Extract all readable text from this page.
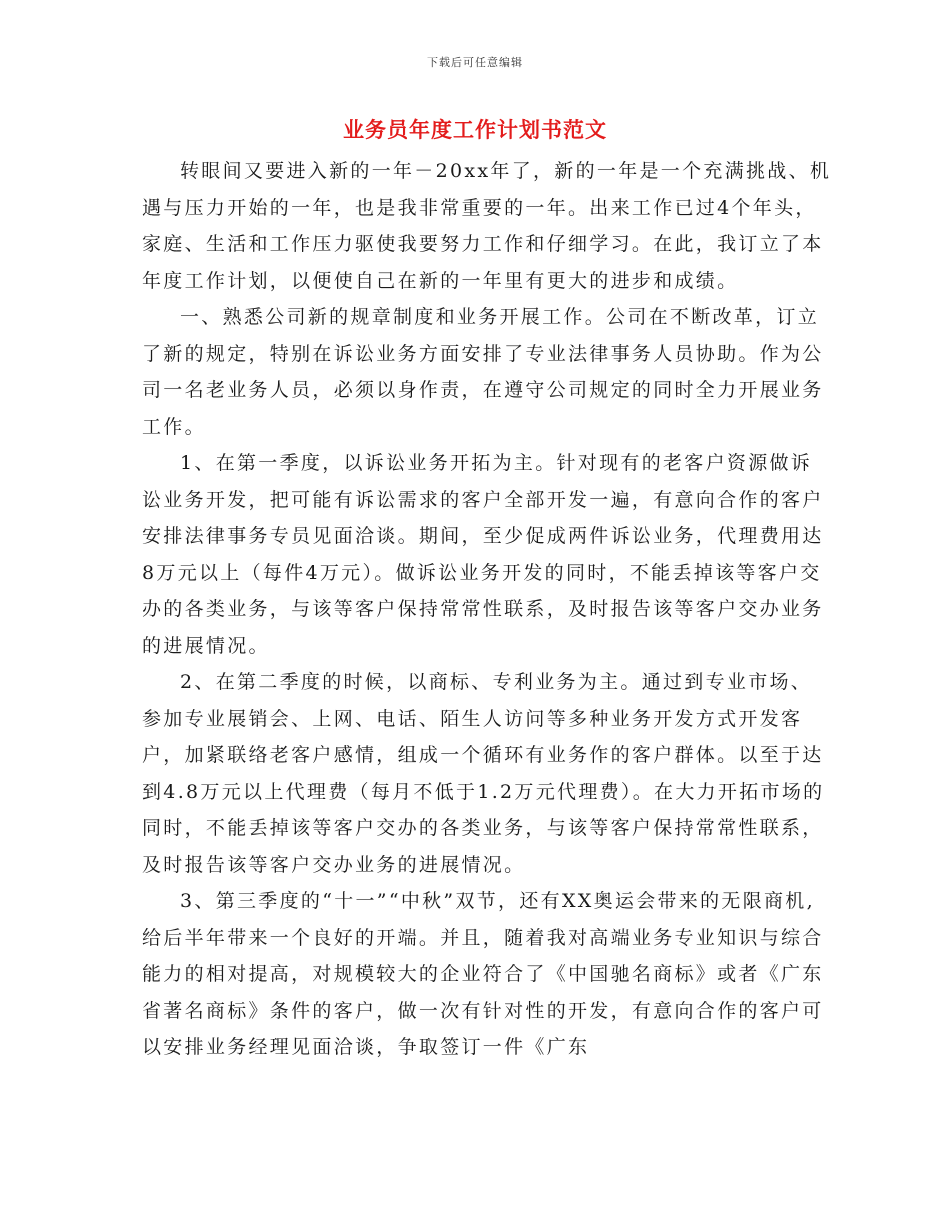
下载后可任意编辑
业务员年度工作计划书范文

转眼间又要进入新的一年－20xx年了，新的一年是一个充满挑战、机遇与压力开始的一年，也是我非常重要的一年。出来工作已过4个年头，家庭、生活和工作压力驱使我要努力工作和仔细学习。在此，我订立了本年度工作计划，以便使自己在新的一年里有更大的进步和成绩。

一、熟悉公司新的规章制度和业务开展工作。公司在不断改革，订立了新的规定，特别在诉讼业务方面安排了专业法律事务人员协助。作为公司一名老业务人员，必须以身作责，在遵守公司规定的同时全力开展业务工作。

1、在第一季度，以诉讼业务开拓为主。针对现有的老客户资源做诉讼业务开发，把可能有诉讼需求的客户全部开发一遍，有意向合作的客户安排法律事务专员见面洽谈。期间，至少促成两件诉讼业务，代理费用达8万元以上（每件4万元）。做诉讼业务开发的同时，不能丢掉该等客户交办的各类业务，与该等客户保持常常性联系，及时报告该等客户交办业务的进展情况。

2、在第二季度的时候，以商标、专利业务为主。通过到专业市场、参加专业展销会、上网、电话、陌生人访问等多种业务开发方式开发客户，加紧联络老客户感情，组成一个循环有业务作的客户群体。以至于达到4.8万元以上代理费（每月不低于1.2万元代理费）。在大力开拓市场的同时，不能丢掉该等客户交办的各类业务，与该等客户保持常常性联系，及时报告该等客户交办业务的进展情况。

3、第三季度的“十一”“中秋”双节，还有XX奥运会带来的无限商机,给后半年带来一个良好的开端。并且，随着我对高端业务专业知识与综合能力的相对提高，对规模较大的企业符合了《中国驰名商标》或者《广东省著名商标》条件的客户，做一次有针对性的开发，有意向合作的客户可以安排业务经理见面洽谈，争取签订一件《广东
